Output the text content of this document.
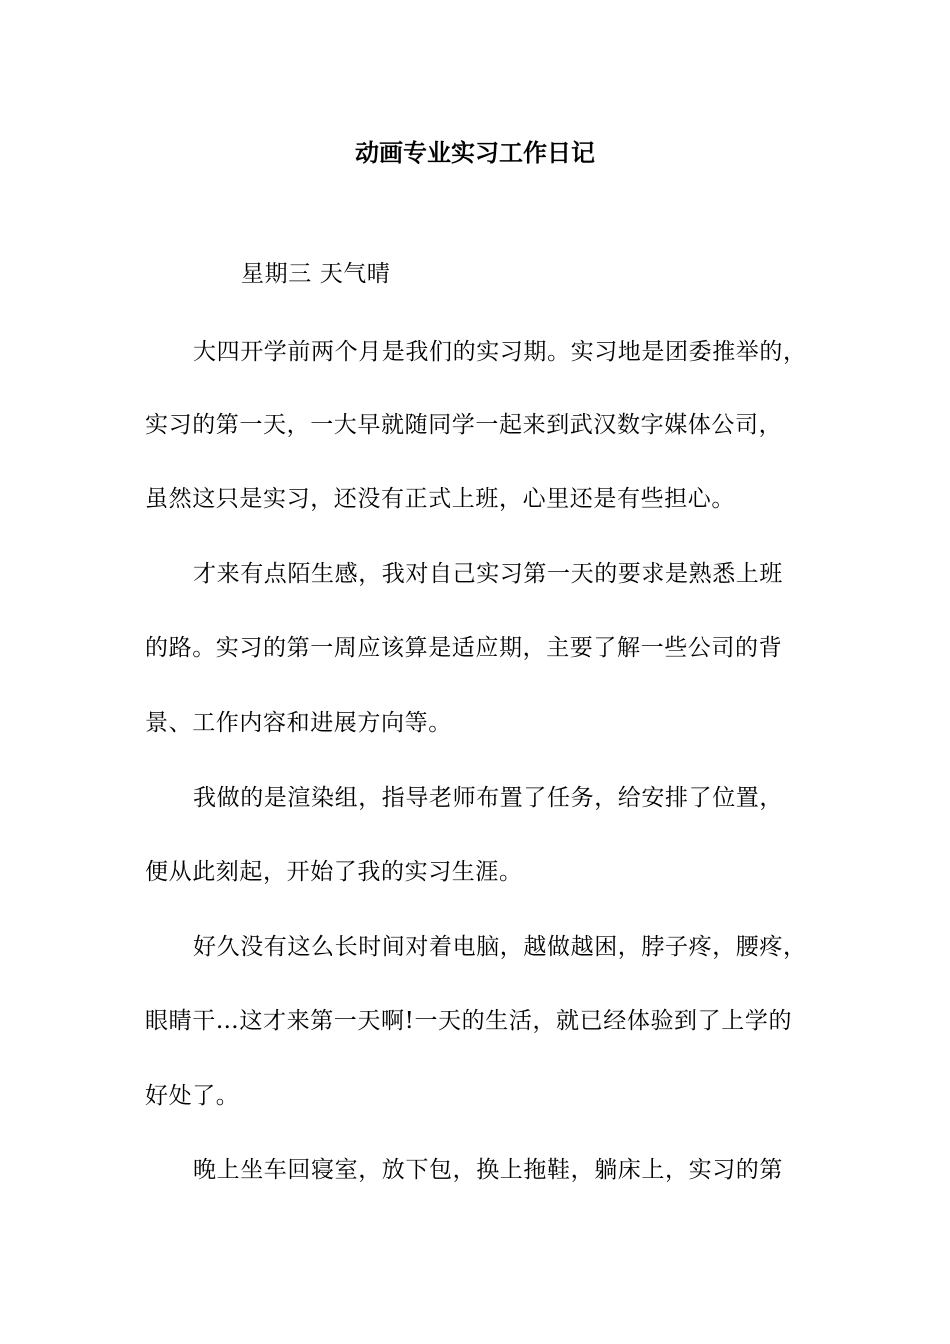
动画专业实习工作日记
星期三 天气晴
大四开学前两个月是我们的实习期。实习地是团委推举的，
实习的第一天，一大早就随同学一起来到武汉数字媒体公司，
虽然这只是实习，还没有正式上班，心里还是有些担心。
才来有点陌生感，我对自己实习第一天的要求是熟悉上班
的路。实习的第一周应该算是适应期，主要了解一些公司的背
景、工作内容和进展方向等。
我做的是渲染组，指导老师布置了任务，给安排了位置，
便从此刻起，开始了我的实习生涯。
好久没有这么长时间对着电脑，越做越困，脖子疼，腰疼，
眼睛干…这才来第一天啊!一天的生活，就已经体验到了上学的
好处了。
晚上坐车回寝室，放下包，换上拖鞋，躺床上，实习的第
